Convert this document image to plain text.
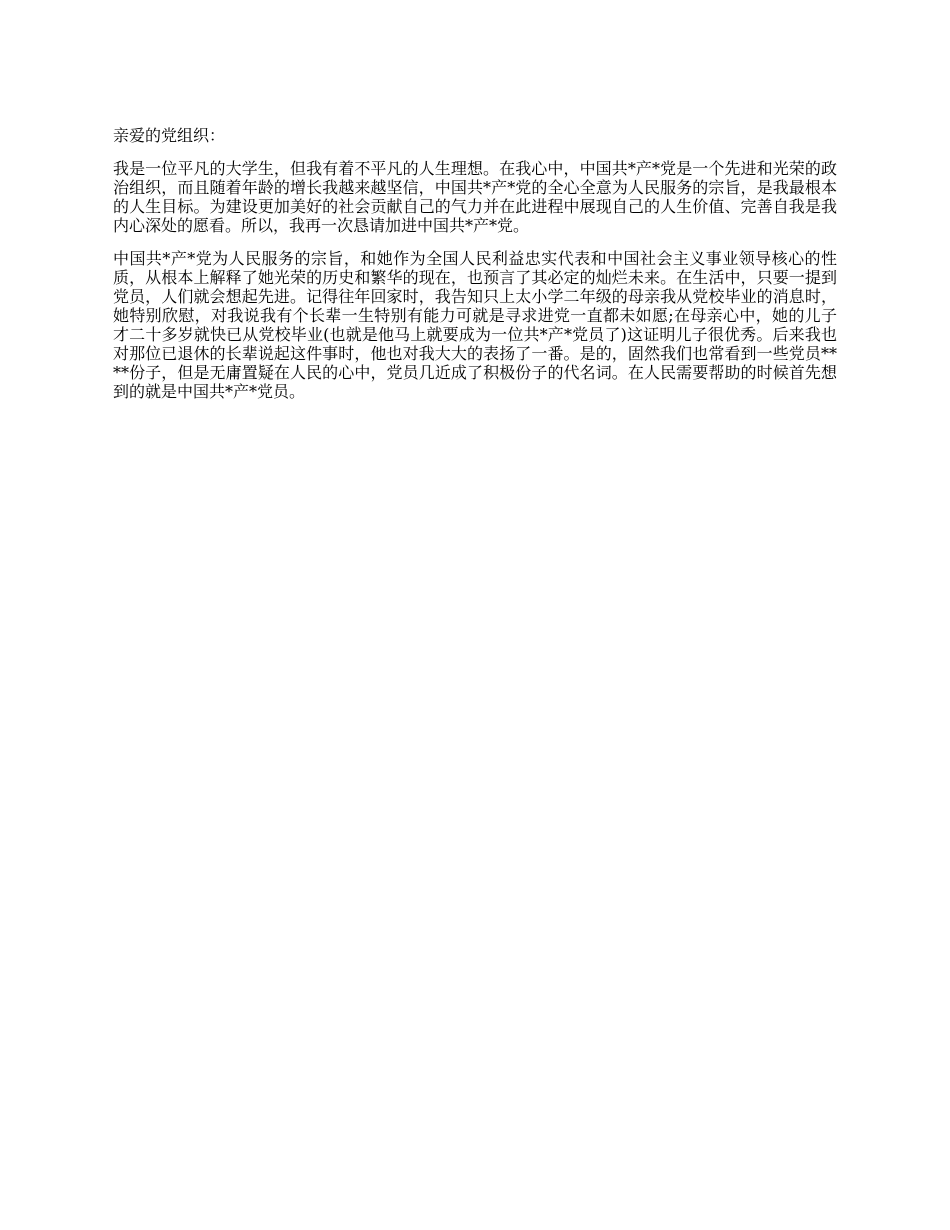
亲爱的党组织：

我是一位平凡的大学生，但我有着不平凡的人生理想。在我心中，中国共*产*党是一个先进和光荣的政治组织，而且随着年龄的增长我越来越坚信，中国共*产*党的全心全意为人民服务的宗旨，是我最根本的人生目标。为建设更加美好的社会贡献自己的气力并在此进程中展现自己的人生价值、完善自我是我内心深处的愿看。所以，我再一次恳请加进中国共*产*党。

中国共*产*党为人民服务的宗旨，和她作为全国人民利益忠实代表和中国社会主义事业领导核心的性质，从根本上解释了她光荣的历史和繁华的现在，也预言了其必定的灿烂未来。在生活中，只要一提到党员，人们就会想起先进。记得往年回家时，我告知只上太小学二年级的母亲我从党校毕业的消息时，她特别欣慰，对我说我有个长辈一生特别有能力可就是寻求进党一直都未如愿;在母亲心中，她的儿子才二十多岁就快已从党校毕业(也就是他马上就要成为一位共*产*党员了)这证明儿子很优秀。后来我也对那位已退休的长辈说起这件事时，他也对我大大的表扬了一番。是的，固然我们也常看到一些党员****份子，但是无庸置疑在人民的心中，党员几近成了积极份子的代名词。在人民需要帮助的时候首先想到的就是中国共*产*党员。
